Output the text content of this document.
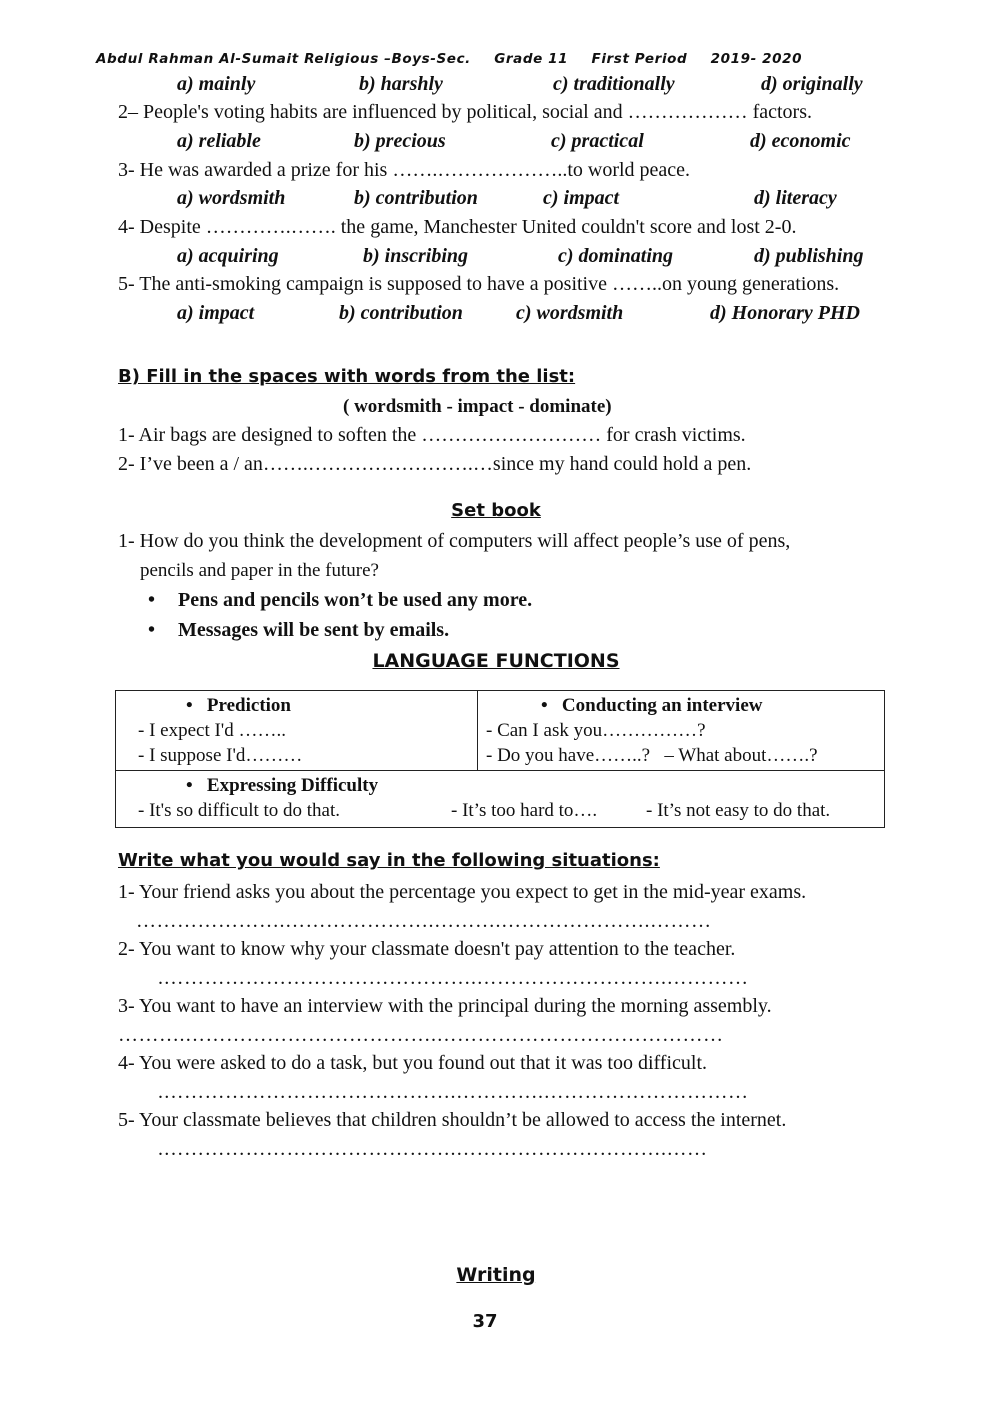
Abdul Rahman Al-Sumait Religious –Boys-Sec. Grade 11 First Period 2019- 2020
a) mainly	b) harshly	c) traditionally	d) originally
2– People's voting habits are influenced by political, social and ……………… factors.
a) reliable	b) precious	c) practical	d) economic
3- He was awarded a prize for his …….………………..to world peace.
a) wordsmith	b) contribution	c) impact	d) literacy
4- Despite ………….……. the game, Manchester United couldn't score and lost 2-0.
a) acquiring	b) inscribing	c) dominating	d) publishing
5- The anti-smoking campaign is supposed to have a positive ……..on young generations.
a) impact	b) contribution	c) wordsmith	d) Honorary PHD
B) Fill in the spaces with words from the list:
( wordsmith - impact - dominate)
1- Air bags are designed to soften the ……………………… for crash victims.
2- I’ve been a / an…….…………………….…since my hand could hold a pen.
Set book
1- How do you think the development of computers will affect people’s use of pens,
pencils and paper in the future?
• Pens and pencils won’t be used any more.
• Messages will be sent by emails.
LANGUAGE FUNCTIONS
•   Prediction
- I expect I'd ……..
- I suppose I'd………

•   Conducting an interview
- Can I ask you……………?
- Do you have……..?   – What about…….?

•   Expressing Difficulty
- It's so difficult to do that.	- It’s too hard to….	- It’s not easy to do that.
Write what you would say in the following situations:
1- Your friend asks you about the percentage you expect to get in the mid-year exams.
………………….………………….……….………………….………
2- You want to know why your classmate doesn't pay attention to the teacher.
.……………………………………….……………………….…………
3- You want to have an interview with the principal during the morning assembly.
……….……………………………….……………………………………
4- You were asked to do a task, but you found out that it was too difficult.
.…………………………………….………….…………………………
5- Your classmate believes that children shouldn’t be allowed to access the internet.
.…………………………………….………………………….……
Writing
37
